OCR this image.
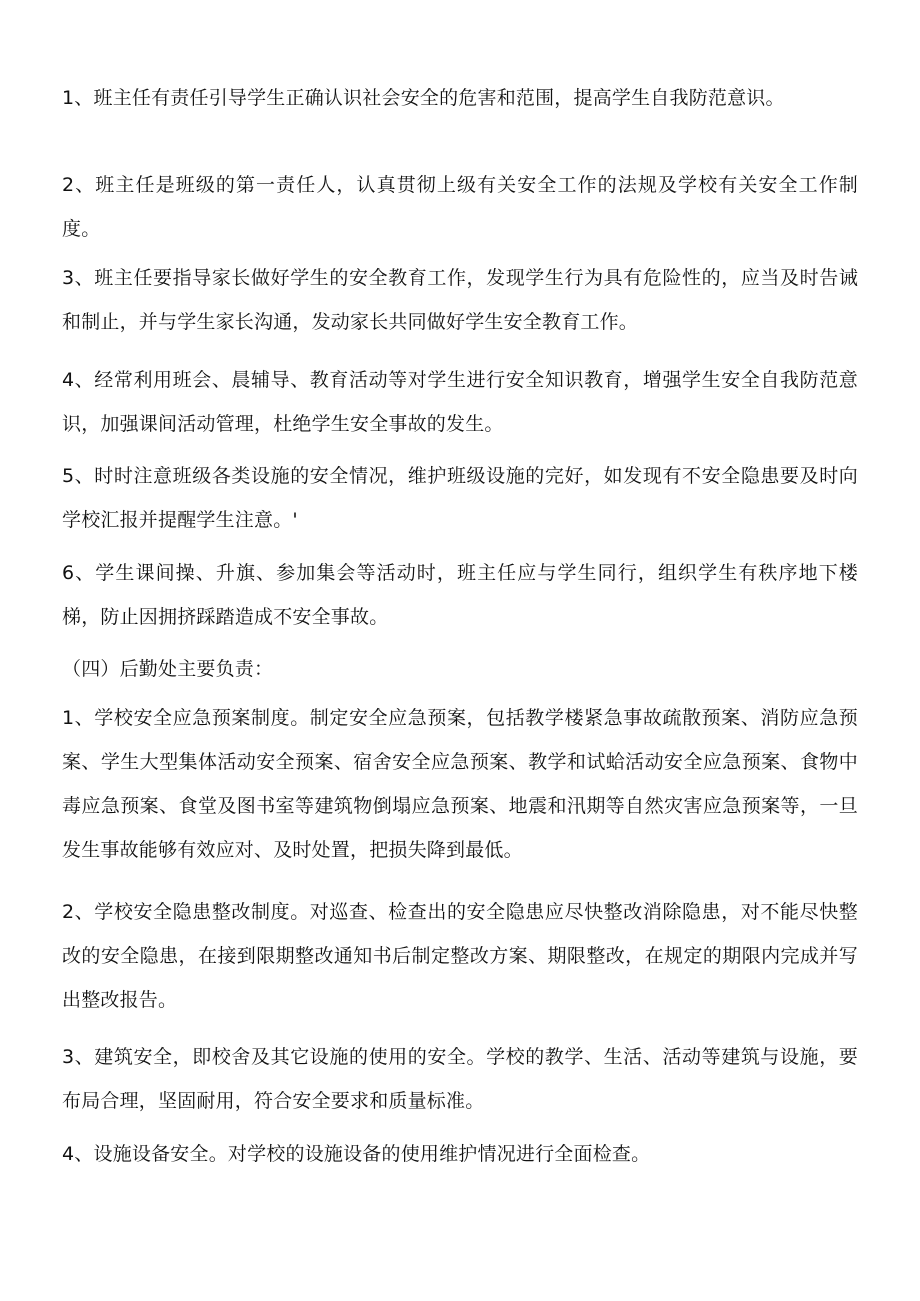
1、班主任有责任引导学生正确认识社会安全的危害和范围，提高学生自我防范意识。

2、班主任是班级的第一责任人，认真贯彻上级有关安全工作的法规及学校有关安全工作制度。

3、班主任要指导家长做好学生的安全教育工作，发现学生行为具有危险性的，应当及时告诫和制止，并与学生家长沟通，发动家长共同做好学生安全教育工作。

4、经常利用班会、晨辅导、教育活动等对学生进行安全知识教育，增强学生安全自我防范意识，加强课间活动管理，杜绝学生安全事故的发生。

5、时时注意班级各类设施的安全情况，维护班级设施的完好，如发现有不安全隐患要及时向学校汇报并提醒学生注意。'

6、学生课间操、升旗、参加集会等活动时，班主任应与学生同行，组织学生有秩序地下楼梯，防止因拥挤踩踏造成不安全事故。

（四）后勤处主要负责：

1、学校安全应急预案制度。制定安全应急预案，包括教学楼紧急事故疏散预案、消防应急预案、学生大型集体活动安全预案、宿舍安全应急预案、教学和试蛤活动安全应急预案、食物中毒应急预案、食堂及图书室等建筑物倒塌应急预案、地震和汛期等自然灾害应急预案等，一旦发生事故能够有效应对、及时处置，把损失降到最低。

2、学校安全隐患整改制度。对巡查、检查出的安全隐患应尽快整改消除隐患，对不能尽快整改的安全隐患，在接到限期整改通知书后制定整改方案、期限整改，在规定的期限内完成并写出整改报告。

3、建筑安全，即校舍及其它设施的使用的安全。学校的教学、生活、活动等建筑与设施，要布局合理，坚固耐用，符合安全要求和质量标准。

4、设施设备安全。对学校的设施设备的使用维护情况进行全面检查。
